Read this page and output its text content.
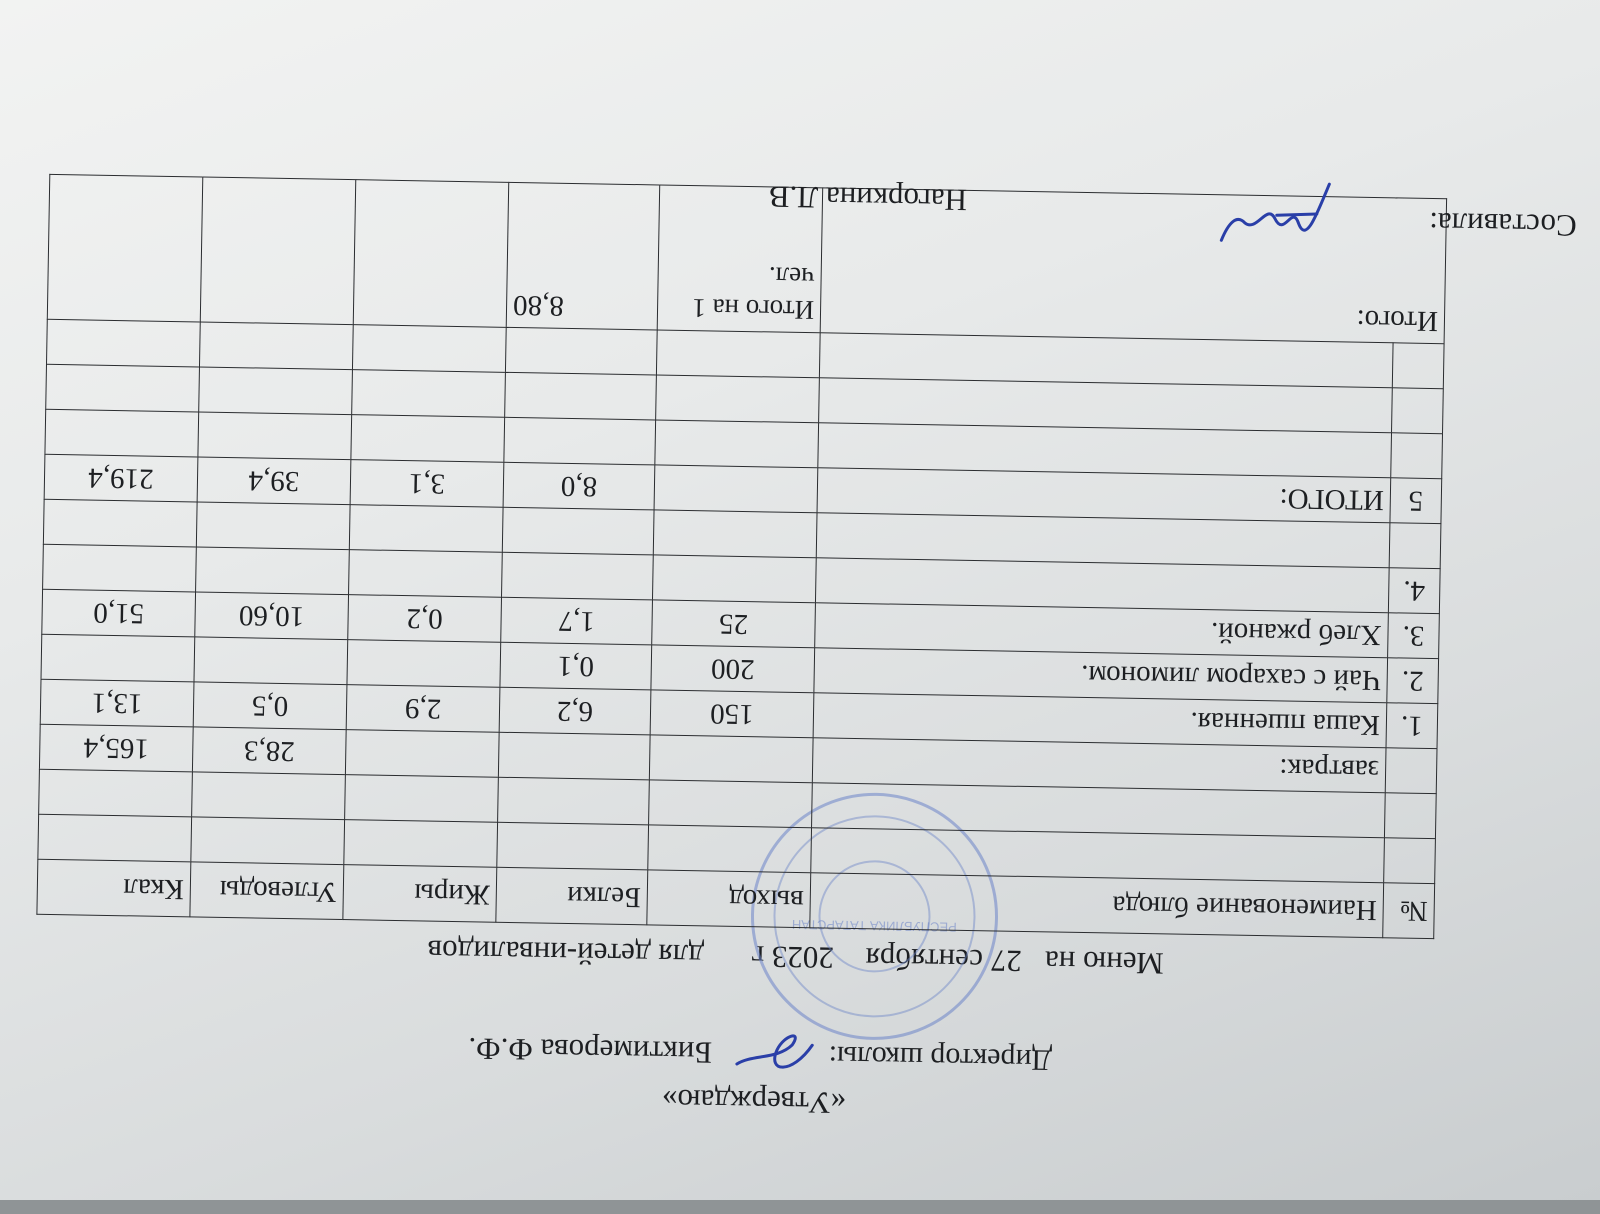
«Утверждаю»
Директор школы:
Биктимерова Ф.Ф.
Меню на
27 сентября
2023 г
для детей-инвалидов
РЕСПУБЛИКА ТАТАРСТАН	№	Наименование блюда	выход	Белки	Жиры	Углеводы	Ккал

	завтрак:				28,3	165,4
1.	Каша пшенная.	150	6,2	2,9	0,5	13,1
2.	Чай с сахаром лимоном.	200	0,1			
3.	Хлеб ржаной.	25	1,7	0,2	10,60	51,0
4.						

5	ИТОГО:		8,0	3,1	39,4	219,4

Итого:		Итого на 1 чел.	8,80			
Составила:
Нагоркина Л.В
